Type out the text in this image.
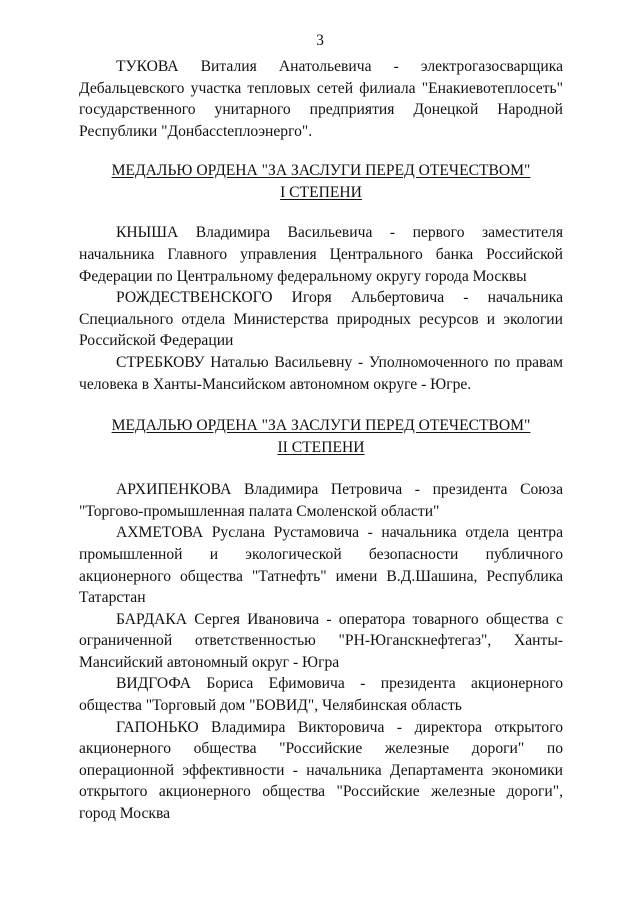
3

ТУКОВА Виталия Анатольевича - электрогазосварщика Дебальцевского участка тепловых сетей филиала "Енакиевотеплосеть" государственного унитарного предприятия Донецкой Народной Республики "Донбассteплоэнерго".

МЕДАЛЬЮ ОРДЕНА "ЗА ЗАСЛУГИ ПЕРЕД ОТЕЧЕСТВОМ"
I СТЕПЕНИ

КНЫША Владимира Васильевича - первого заместителя начальника Главного управления Центрального банка Российской Федерации по Центральному федеральному округу города Москвы

РОЖДЕСТВЕНСКОГО Игоря Альбертовича - начальника Специального отдела Министерства природных ресурсов и экологии Российской Федерации

СТРЕБКОВУ Наталью Васильевну - Уполномоченного по правам человека в Ханты-Мансийском автономном округе - Югре.

МЕДАЛЬЮ ОРДЕНА "ЗА ЗАСЛУГИ ПЕРЕД ОТЕЧЕСТВОМ"
II СТЕПЕНИ

АРХИПЕНКОВА Владимира Петровича - президента Союза "Торгово-промышленная палата Смоленской области"

АХМЕТОВА Руслана Рустамовича - начальника отдела центра промышленной и экологической безопасности публичного акционерного общества "Татнефть" имени В.Д.Шашина, Республика Татарстан

БАРДАКА Сергея Ивановича - оператора товарного общества с ограниченной ответственностью "РН-Юганскнефтегаз", Ханты-Мансийский автономный округ - Югра

ВИДГОФА Бориса Ефимовича - президента акционерного общества "Торговый дом "БОВИД", Челябинская область

ГАПОНЬКО Владимира Викторовича - директора открытого акционерного общества "Российские железные дороги" по операционной эффективности - начальника Департамента экономики открытого акционерного общества "Российские железные дороги", город Москва
